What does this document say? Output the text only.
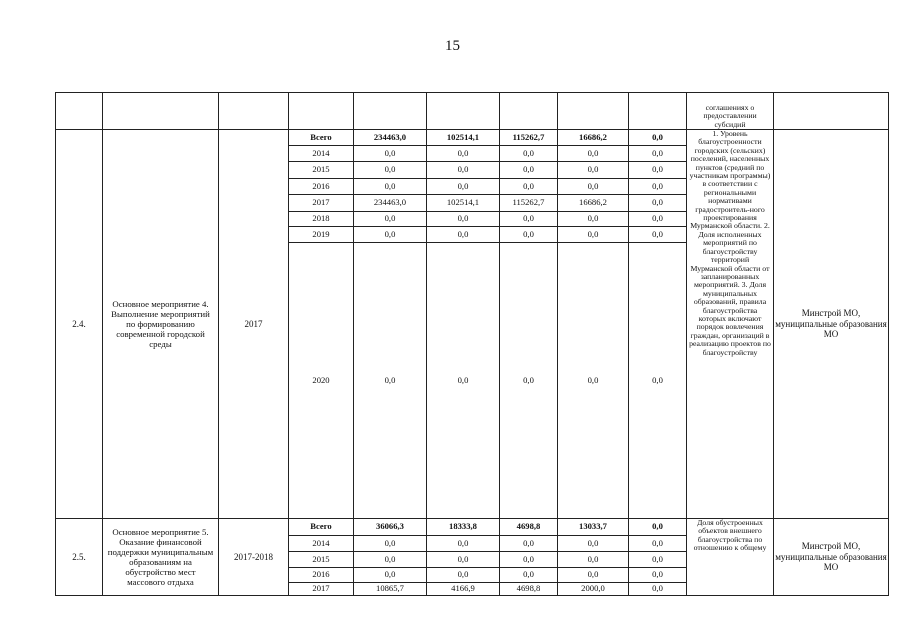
15
									соглашениях о предоставлении субсидий	
2.4.	Основное мероприятие 4. Выполнение мероприятий по формированию современной городской среды	2017	Всего	234463,0	102514,1	115262,7	16686,2	0,0	1. Уровень благоустроенности городских (сельских) поселений, населенных пунктов (средний по участникам программы) в соответствии с региональными нормативами градостроитель-ного проектирования Мурманской области. 2. Доля исполненных мероприятий по благоустройству территорий Мурманской области от запланированных мероприятий. 3. Доля муниципальных образований, правила благоустройства которых включают порядок вовлечения граждан, организаций в реализацию проектов по благоустройству	Минстрой МО, муниципальные образования МО
			2014	0,0	0,0	0,0	0,0	0,0		
			2015	0,0	0,0	0,0	0,0	0,0		
			2016	0,0	0,0	0,0	0,0	0,0		
			2017	234463,0	102514,1	115262,7	16686,2	0,0		
			2018	0,0	0,0	0,0	0,0	0,0		
			2019	0,0	0,0	0,0	0,0	0,0		
			2020	0,0	0,0	0,0	0,0	0,0		
2.5.	Основное мероприятие 5. Оказание финансовой поддержки муниципальным образованиям на обустройство мест массового отдыха	2017-2018	Всего	36066,3	18333,8	4698,8	13033,7	0,0	Доля обустроенных объектов внешнего благоустройства по отношению к общему	Минстрой МО, муниципальные образования МО
			2014	0,0	0,0	0,0	0,0	0,0		
			2015	0,0	0,0	0,0	0,0	0,0		
			2016	0,0	0,0	0,0	0,0	0,0		
			2017	10865,7	4166,9	4698,8	2000,0	0,0		
